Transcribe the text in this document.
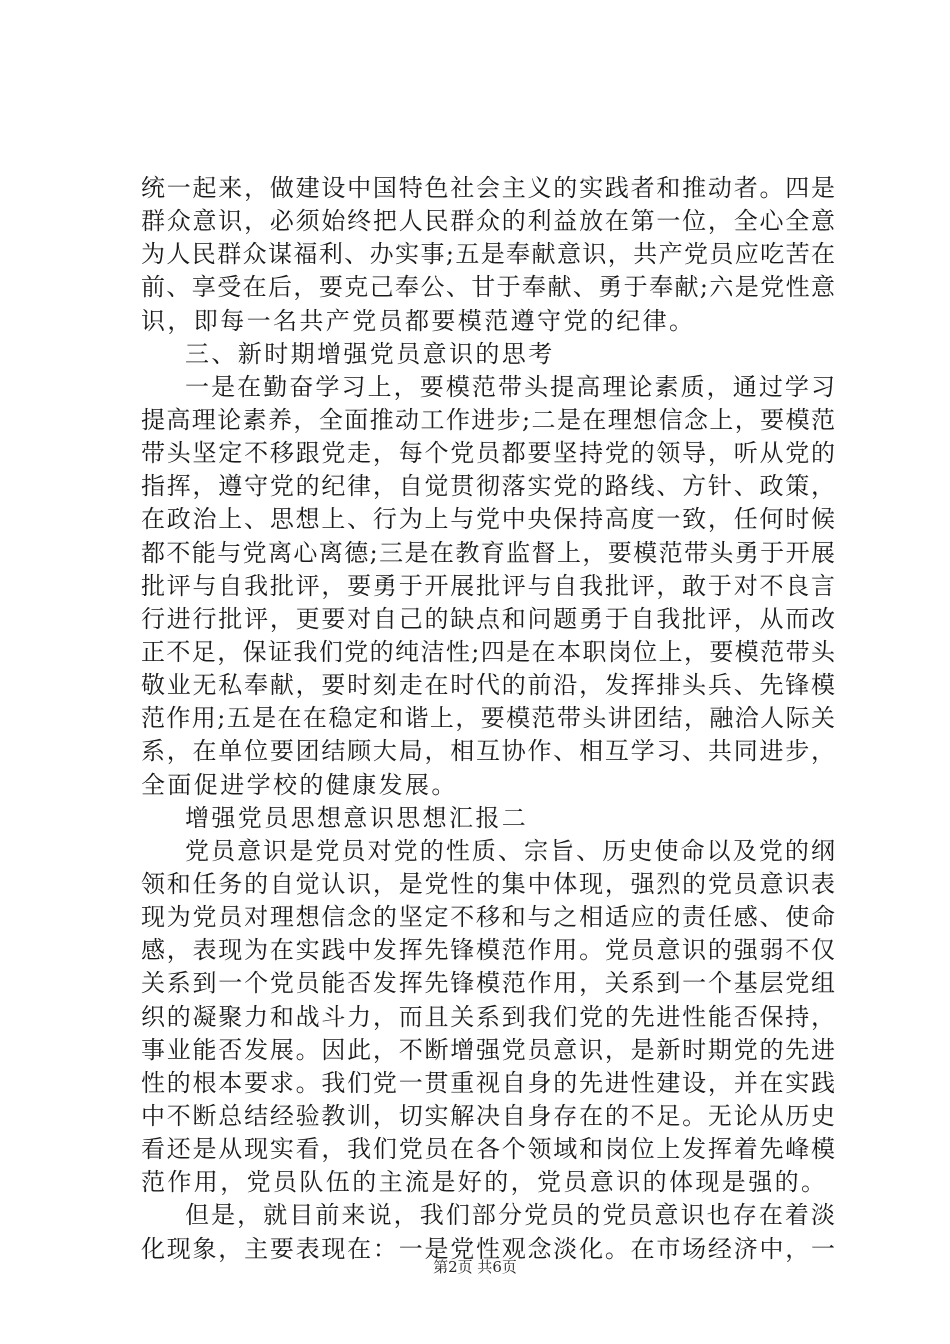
统一起来，做建设中国特色社会主义的实践者和推动者。四是
群众意识，必须始终把人民群众的利益放在第一位，全心全意
为人民群众谋福利、办实事;五是奉献意识，共产党员应吃苦在
前、享受在后，要克己奉公、甘于奉献、勇于奉献;六是党性意
识，即每一名共产党员都要模范遵守党的纪律。
三、新时期增强党员意识的思考
一是在勤奋学习上，要模范带头提高理论素质，通过学习
提高理论素养，全面推动工作进步;二是在理想信念上，要模范
带头坚定不移跟党走，每个党员都要坚持党的领导，听从党的
指挥，遵守党的纪律，自觉贯彻落实党的路线、方针、政策，
在政治上、思想上、行为上与党中央保持高度一致，任何时候
都不能与党离心离德;三是在教育监督上，要模范带头勇于开展
批评与自我批评，要勇于开展批评与自我批评，敢于对不良言
行进行批评，更要对自己的缺点和问题勇于自我批评，从而改
正不足，保证我们党的纯洁性;四是在本职岗位上，要模范带头
敬业无私奉献，要时刻走在时代的前沿，发挥排头兵、先锋模
范作用;五是在在稳定和谐上，要模范带头讲团结，融洽人际关
系，在单位要团结顾大局，相互协作、相互学习、共同进步，
全面促进学校的健康发展。
增强党员思想意识思想汇报二
党员意识是党员对党的性质、宗旨、历史使命以及党的纲
领和任务的自觉认识，是党性的集中体现，强烈的党员意识表
现为党员对理想信念的坚定不移和与之相适应的责任感、使命
感，表现为在实践中发挥先锋模范作用。党员意识的强弱不仅
关系到一个党员能否发挥先锋模范作用，关系到一个基层党组
织的凝聚力和战斗力，而且关系到我们党的先进性能否保持，
事业能否发展。因此，不断增强党员意识，是新时期党的先进
性的根本要求。我们党一贯重视自身的先进性建设，并在实践
中不断总结经验教训，切实解决自身存在的不足。无论从历史
看还是从现实看，我们党员在各个领域和岗位上发挥着先峰模
范作用，党员队伍的主流是好的，党员意识的体现是强的。
但是，就目前来说，我们部分党员的党员意识也存在着淡
化现象，主要表现在：一是党性观念淡化。在市场经济中，一
第2页 共6页
